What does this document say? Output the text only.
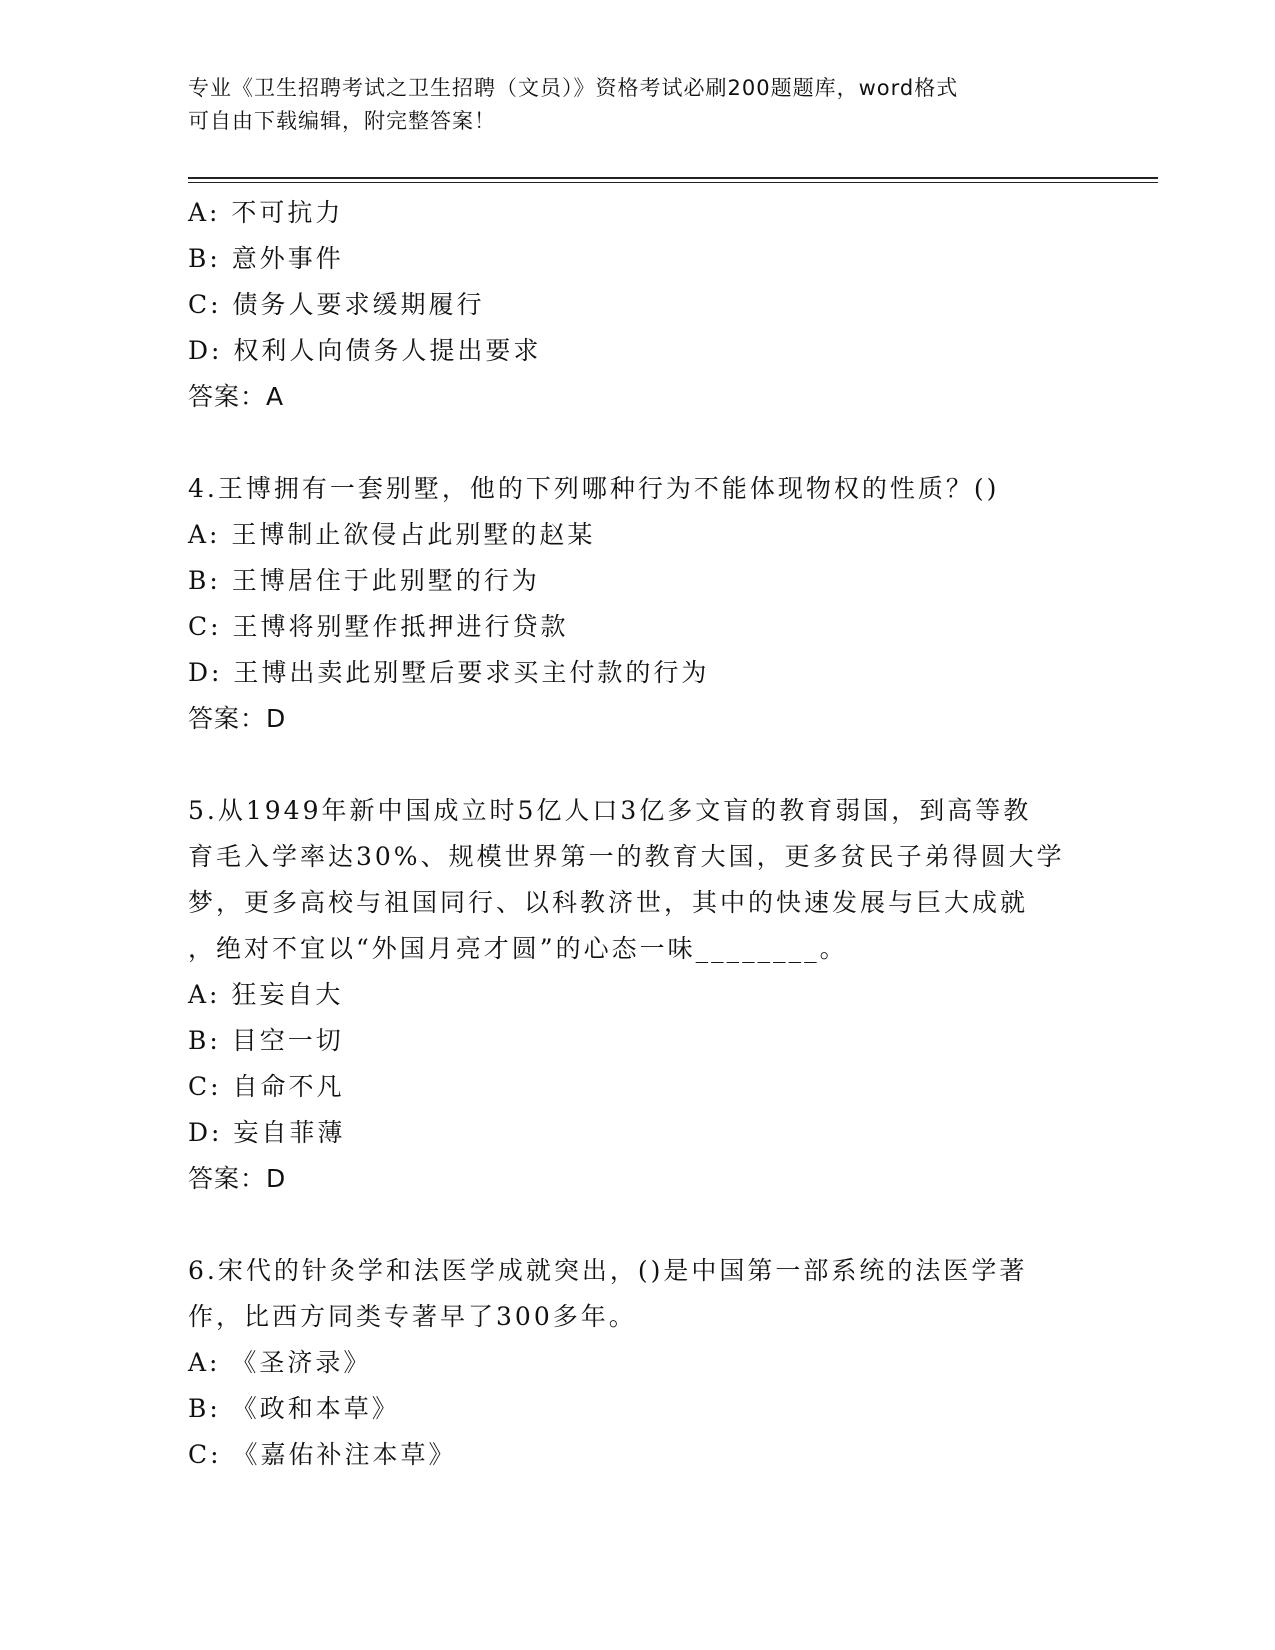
专业《卫生招聘考试之卫生招聘（文员）》资格考试必刷200题题库，word格式
可自由下载编辑，附完整答案！
A: 不可抗力
B: 意外事件
C: 债务人要求缓期履行
D: 权利人向债务人提出要求
答案：A
4.王博拥有一套别墅，他的下列哪种行为不能体现物权的性质？()
A: 王博制止欲侵占此别墅的赵某
B: 王博居住于此别墅的行为
C: 王博将别墅作抵押进行贷款
D: 王博出卖此别墅后要求买主付款的行为
答案：D
5.从1949年新中国成立时5亿人口3亿多文盲的教育弱国，到高等教
育毛入学率达30%、规模世界第一的教育大国，更多贫民子弟得圆大学
梦，更多高校与祖国同行、以科教济世，其中的快速发展与巨大成就
，绝对不宜以“外国月亮才圆”的心态一味________。
A: 狂妄自大
B: 目空一切
C: 自命不凡
D: 妄自菲薄
答案：D
6.宋代的针灸学和法医学成就突出，()是中国第一部系统的法医学著
作，比西方同类专著早了300多年。
A: 《圣济录》
B: 《政和本草》
C: 《嘉佑补注本草》
